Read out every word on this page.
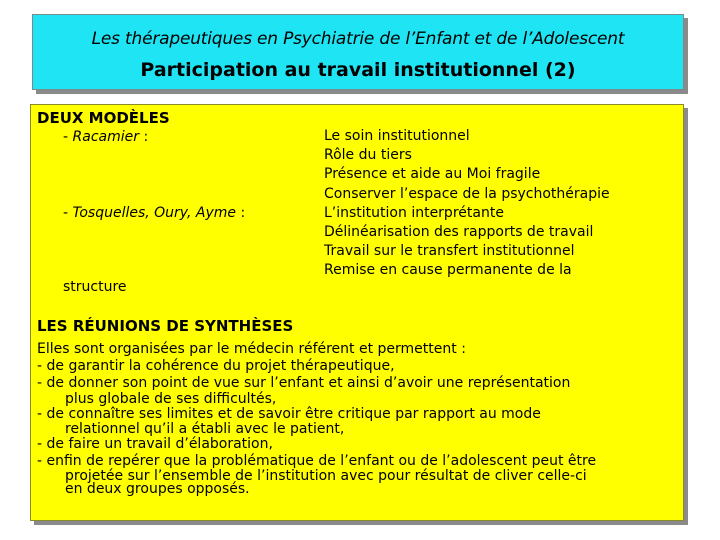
Les thérapeutiques en Psychiatrie de l’Enfant et de l’Adolescent
Participation au travail institutionnel (2)
DEUX MODÈLES
- Racamier :
- Tosquelles, Oury, Ayme :
structure
Le soin institutionnel
Rôle du tiers
Présence et aide au Moi fragile
Conserver l’espace de la psychothérapie
L’institution interprétante
Délinéarisation des rapports de travail
Travail sur le transfert institutionnel
Remise en cause permanente de la
LES RÉUNIONS DE SYNTHÈSES
Elles sont organisées par le médecin référent et permettent :
- de garantir la cohérence du projet thérapeutique,
- de donner son point de vue sur l’enfant et ainsi d’avoir une représentation
plus globale de ses difficultés,
- de connaître ses limites et de savoir être critique par rapport au mode
relationnel qu’il a établi avec le patient,
- de faire un travail d’élaboration,
- enfin de repérer que la problématique de l’enfant ou de l’adolescent peut être
projetée sur l’ensemble de l’institution avec pour résultat de cliver celle-ci
en deux groupes opposés.
